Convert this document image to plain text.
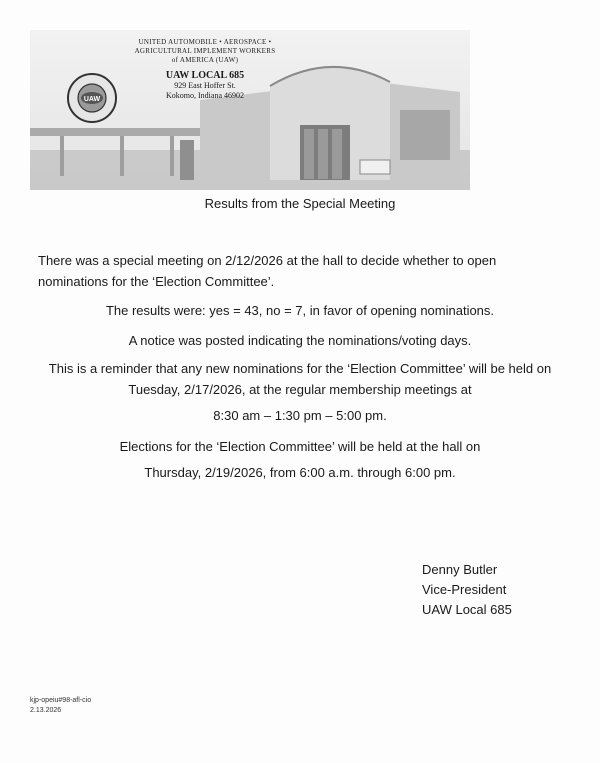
UAW
UNITED AUTOMOBILE • AEROSPACE • AGRICULTURAL IMPLEMENT WORKERS
of AMERICA (UAW)
UAW LOCAL 685
929 East Hoffer St.
Kokomo, Indiana 46902
Results from the Special Meeting

There was a special meeting on 2/12/2026 at the hall to decide whether to open nominations for the ‘Election Committee’.

The results were: yes = 43, no = 7, in favor of opening nominations.

A notice was posted indicating the nominations/voting days.

This is a reminder that any new nominations for the ‘Election Committee’ will be held on Tuesday, 2/17/2026, at the regular membership meetings at

8:30 am – 1:30 pm – 5:00 pm.

Elections for the ‘Election Committee’ will be held at the hall on

Thursday, 2/19/2026, from 6:00 a.m. through 6:00 pm.

Denny Butler
Vice-President
UAW Local 685
kjp-opeiu#98-afl-cio
2.13.2026
